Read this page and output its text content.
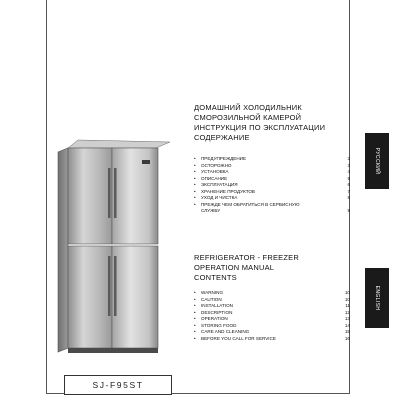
ДОМАШНИЙ ХОЛОДИЛЬНИК
СМОРОЗИЛЬНОЙ КАМЕРОЙ
ИНСТРУКЦИЯ ПО ЭКСПЛУАТАЦИИ
СОДЕРЖАНИЕ
• ПРЕДУПРЕЖДЕНИЕ	3
• ОСТОРОЖНО	3
• УСТАНОВКА	4
• ОПИСАНИЕ	5
• ЭКСПЛУАТАЦИЯ	6
• ХРАНЕНИЕ ПРОДУКТОВ	7
• УХОД И ЧИСТКА	8
• ПРЕЖДЕ ЧЕМ ОБРАТИТЬСЯ В СЕРВИСНУЮ
СЛУЖБУ	9
REFRIGERATOR - FREEZER
OPERATION MANUAL
CONTENTS
• WARNING	10
• CAUTION	10
• INSTALLATION	11
• DESCRIPTION	12
• OPERATION	13
• STORING FOOD	14
• CARE AND CLEANING	15
• BEFORE YOU CALL FOR SERVICE	16
РУССКИЙ
ENGLISH
SJ-F95ST
